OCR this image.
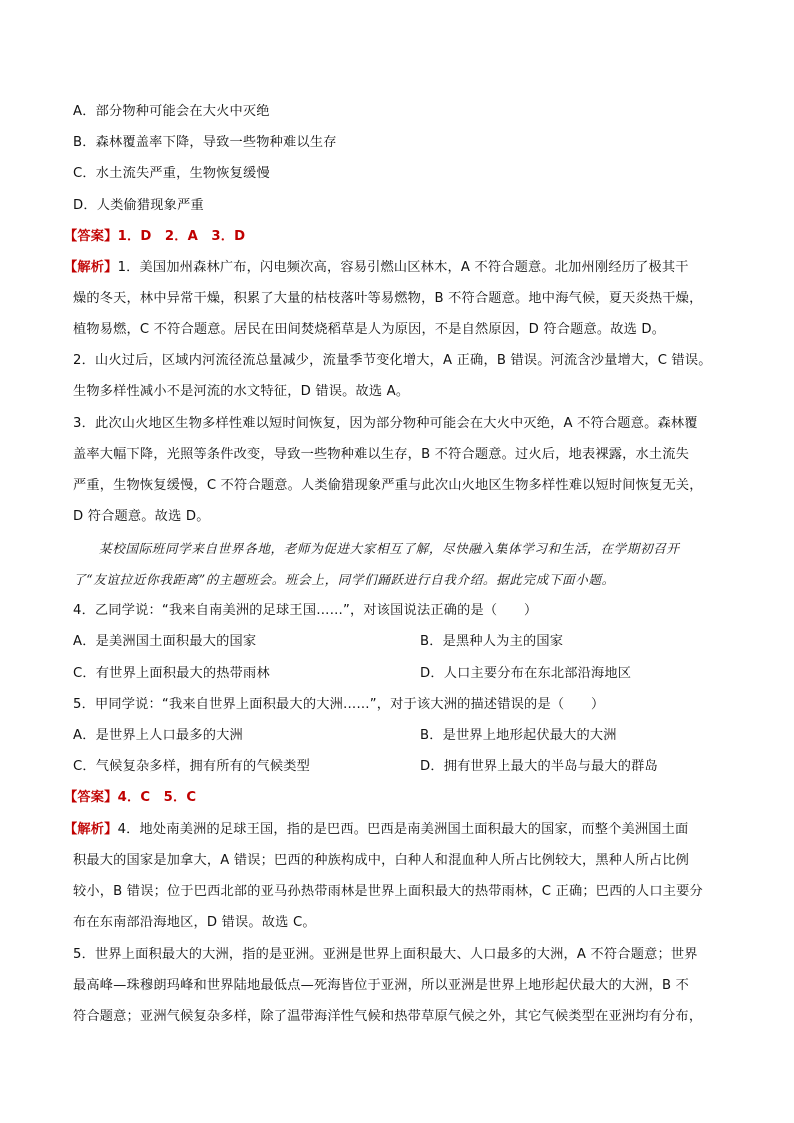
A．部分物种可能会在大火中灭绝
B．森林覆盖率下降，导致一些物种难以生存
C．水土流失严重，生物恢复缓慢
D．人类偷猎现象严重
【答案】1．D　2．A　3．D
【解析】1．美国加州森林广布，闪电频次高，容易引燃山区林木，A 不符合题意。北加州刚经历了极其干
燥的冬天，林中异常干燥，积累了大量的枯枝落叶等易燃物，B 不符合题意。地中海气候，夏天炎热干燥，
植物易燃，C 不符合题意。居民在田间焚烧稻草是人为原因，不是自然原因，D 符合题意。故选 D。
2．山火过后，区域内河流径流总量减少，流量季节变化增大，A 正确，B 错误。河流含沙量增大，C 错误。
生物多样性减小不是河流的水文特征，D 错误。故选 A。
3．此次山火地区生物多样性难以短时间恢复，因为部分物种可能会在大火中灭绝，A 不符合题意。森林覆
盖率大幅下降，光照等条件改变，导致一些物种难以生存，B 不符合题意。过火后，地表裸露，水土流失
严重，生物恢复缓慢，C 不符合题意。人类偷猎现象严重与此次山火地区生物多样性难以短时间恢复无关，
D 符合题意。故选 D。
某校国际班同学来自世界各地，老师为促进大家相互了解，尽快融入集体学习和生活，在学期初召开
了“友谊拉近你我距离”的主题班会。班会上，同学们踊跃进行自我介绍。据此完成下面小题。
4．乙同学说：“我来自南美洲的足球王国……”，对该国说法正确的是（　　）
A．是美洲国土面积最大的国家	B．是黑种人为主的国家
C．有世界上面积最大的热带雨林	D．人口主要分布在东北部沿海地区
5．甲同学说：“我来自世界上面积最大的大洲……”，对于该大洲的描述错误的是（　　）
A．是世界上人口最多的大洲	B．是世界上地形起伏最大的大洲
C．气候复杂多样，拥有所有的气候类型	D．拥有世界上最大的半岛与最大的群岛
【答案】4．C　5．C
【解析】4．地处南美洲的足球王国，指的是巴西。巴西是南美洲国土面积最大的国家，而整个美洲国土面
积最大的国家是加拿大，A 错误；巴西的种族构成中，白种人和混血种人所占比例较大，黑种人所占比例
较小，B 错误；位于巴西北部的亚马孙热带雨林是世界上面积最大的热带雨林，C 正确；巴西的人口主要分
布在东南部沿海地区，D 错误。故选 C。
5．世界上面积最大的大洲，指的是亚洲。亚洲是世界上面积最大、人口最多的大洲，A 不符合题意；世界
最高峰—珠穆朗玛峰和世界陆地最低点—死海皆位于亚洲，所以亚洲是世界上地形起伏最大的大洲，B 不
符合题意；亚洲气候复杂多样，除了温带海洋性气候和热带草原气候之外，其它气候类型在亚洲均有分布，
